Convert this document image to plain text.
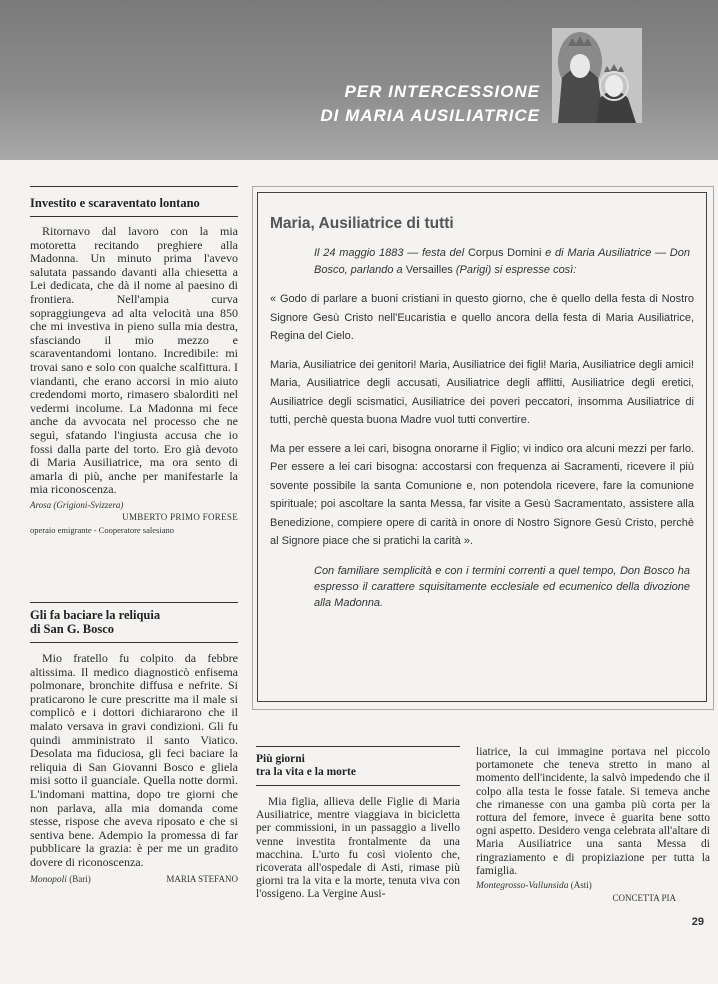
PER INTERCESSIONE
DI MARIA AUSILIATRICE
Investito e scaraventato lontano
Ritornavo dal lavoro con la mia motoretta recitando preghiere alla Madonna. Un minuto prima l'avevo salutata passando davanti alla chiesetta a Lei dedicata, che dà il nome al paesino di frontiera. Nell'ampia curva sopraggiungeva ad alta velocità una 850 che mi investiva in pieno sulla mia destra, sfasciando il mio mezzo e scaraventandomi lontano. Incredibile: mi trovai sano e solo con qualche scalfittura. I viandanti, che erano accorsi in mio aiuto credendomi morto, rimasero sbalorditi nel vedermi incolume. La Madonna mi fece anche da avvocata nel processo che ne seguì, sfatando l'ingiusta accusa che io fossi dalla parte del torto. Ero già devoto di Maria Ausiliatrice, ma ora sento di amarla di più, anche per manifestarle la mia riconoscenza.
Arosa (Grigioni-Svizzera)
UMBERTO PRIMO FORESE
operaio emigrante - Cooperatore salesiano
Gli fa baciare la reliquia
di San G. Bosco
Mio fratello fu colpito da febbre altissima. Il medico diagnosticò enfisema polmonare, bronchite diffusa e nefrite. Si praticarono le cure prescritte ma il male si complicò e i dottori dichiararono che il malato versava in gravi condizioni. Gli fu quindi amministrato il santo Viatico. Desolata ma fiduciosa, gli feci baciare la reliquia di San Giovanni Bosco e gliela misi sotto il guanciale. Quella notte dormì. L'indomani mattina, dopo tre giorni che non parlava, alla mia domanda come stesse, rispose che aveva riposato e che si sentiva bene. Adempio la promessa di far pubblicare la grazia: è per me un gradito dovere di riconoscenza.
Monopoli (Bari)	MARIA STEFANO
Maria, Ausiliatrice di tutti
Il 24 maggio 1883 — festa del Corpus Domini e di Maria Ausiliatrice — Don Bosco, parlando a Versailles (Parigi) si espresse così:
« Godo di parlare a buoni cristiani in questo giorno, che è quello della festa di Nostro Signore Gesù Cristo nell'Eucaristia e quello ancora della festa di Maria Ausiliatrice, Regina del Cielo.
Maria, Ausiliatrice dei genitori! Maria, Ausiliatrice dei figli! Maria, Ausiliatrice degli amici! Maria, Ausiliatrice degli accusati, Ausiliatrice degli afflitti, Ausiliatrice degli eretici, Ausiliatrice degli scismatici, Ausiliatrice dei poveri peccatori, insomma Ausiliatrice di tutti, perchè questa buona Madre vuol tutti convertire.
Ma per essere a lei cari, bisogna onorarne il Figlio; vi indico ora alcuni mezzi per farlo. Per essere a lei cari bisogna: accostarsi con frequenza ai Sacramenti, ricevere il più sovente possibile la santa Comunione e, non potendola ricevere, fare la comunione spirituale; poi ascoltare la santa Messa, far visite a Gesù Sacramentato, assistere alla Benedizione, compiere opere di carità in onore di Nostro Signore Gesù Cristo, perchè al Signore piace che si pratichi la carità ».
Con familiare semplicità e con i termini correnti a quel tempo, Don Bosco ha espresso il carattere squisitamente ecclesiale ed ecumenico della divozione alla Madonna.
Più giorni
tra la vita e la morte
Mia figlia, allieva delle Figlie di Maria Ausiliatrice, mentre viaggiava in bicicletta per commissioni, in un passaggio a livello venne investita frontalmente da una macchina. L'urto fu così violento che, ricoverata all'ospedale di Asti, rimase più giorni tra la vita e la morte, tenuta viva con l'ossigeno. La Vergine Ausi-
liatrice, la cui immagine portava nel piccolo portamonete che teneva stretto in mano al momento dell'incidente, la salvò impedendo che il colpo alla testa le fosse fatale. Si temeva anche che rimanesse con una gamba più corta per la rottura del femore, invece è guarita bene sotto ogni aspetto. Desidero venga celebrata all'altare di Maria Ausiliatrice una santa Messa di ringraziamento e di propiziazione per tutta la famiglia.
Montegrosso-Vallunsida (Asti)
CONCETTA PIA
29
